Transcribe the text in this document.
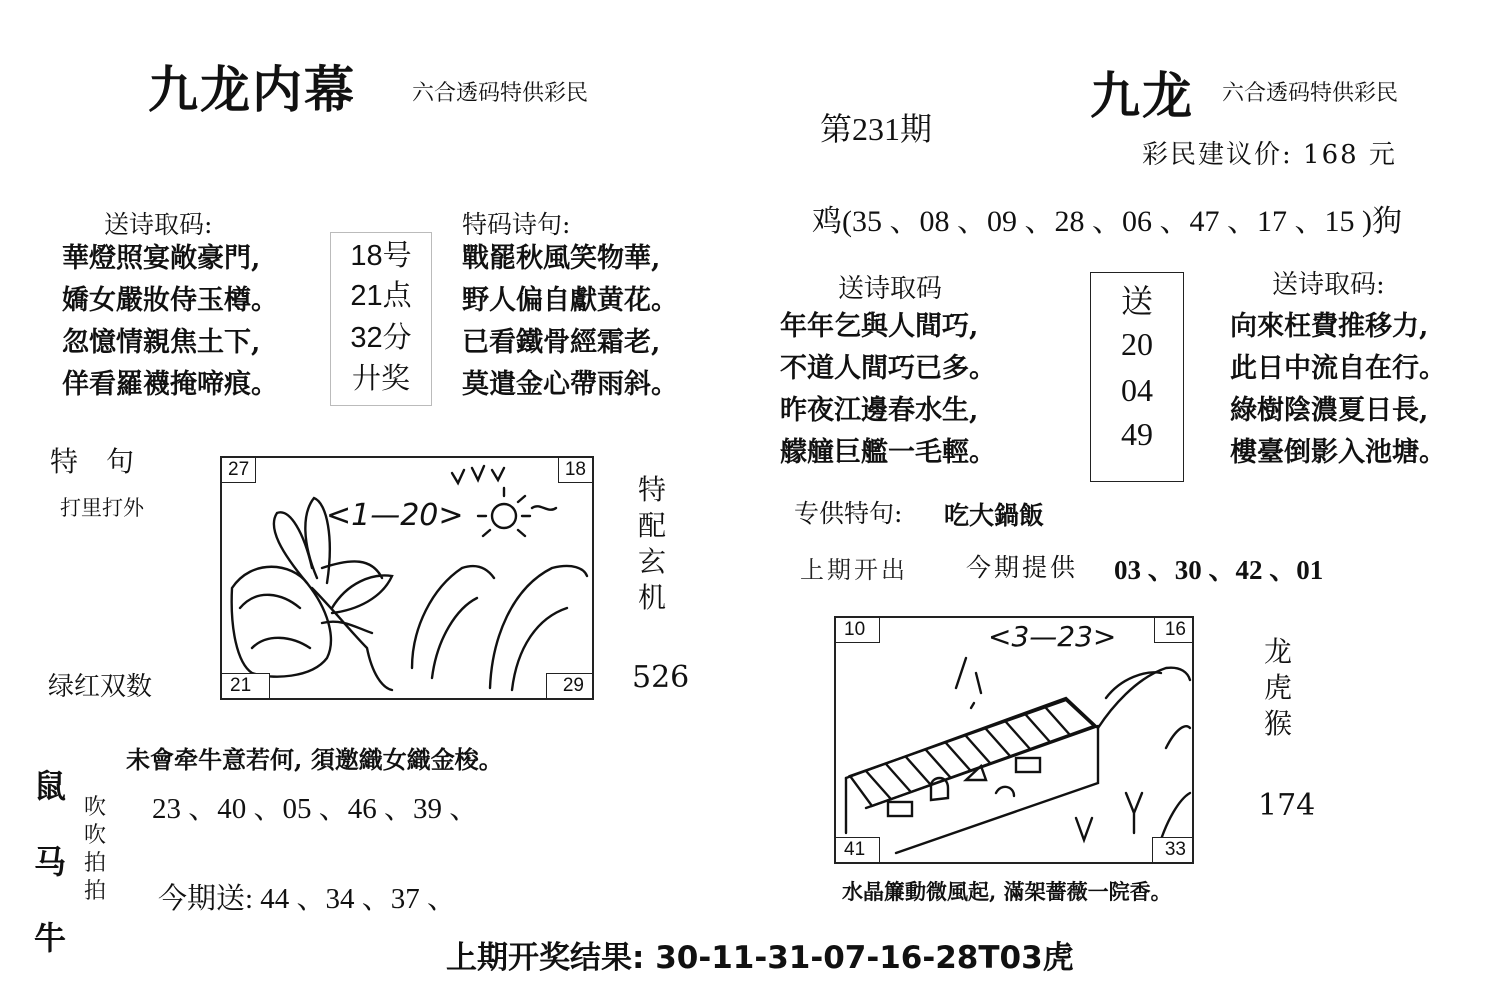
九龙内幕	六合透码特供彩民
送诗取码:
華燈照宴敞豪門,
嬌女嚴妝侍玉樽。
忽憶情親焦土下,
佯看羅襪掩啼痕。
18号
21点
32分
廾奖
特码诗句:
戰罷秋風笑物華,
野人偏自獻黄花。
已看鐵骨經霜老,
莫遣金心帶雨斜。
特　句
打里打外
绿红双数
<1—20>
27	18
21	29
特
配
玄
机
526
未會牵牛意若何, 須邀織女織金梭。
鼠
马
牛
吹
吹
拍
拍
23 、40 、05 、46 、39 、
今期送: 44 、34 、37 、
第231期
九龙 六合透码特供彩民
彩民建议价: 168 元
鸡(35 、08 、09 、28 、06 、47 、17 、15 )狗
送诗取码
年年乞與人間巧,
不道人間巧已多。
昨夜江邊春水生,
艨艟巨艦一毛輕。
送
20
04
49
送诗取码:
向來枉費推移力,
此日中流自在行。
綠樹陰濃夏日長,
樓臺倒影入池塘。
专供特句: 吃大鍋飯
上期开出 今期提供 03 、30 、42 、01
<3—23>
10	16
41	33
龙
虎
猴
174
水晶簾動微風起, 滿架薔薇一院香。
上期开奖结果: 30-11-31-07-16-28T03虎
